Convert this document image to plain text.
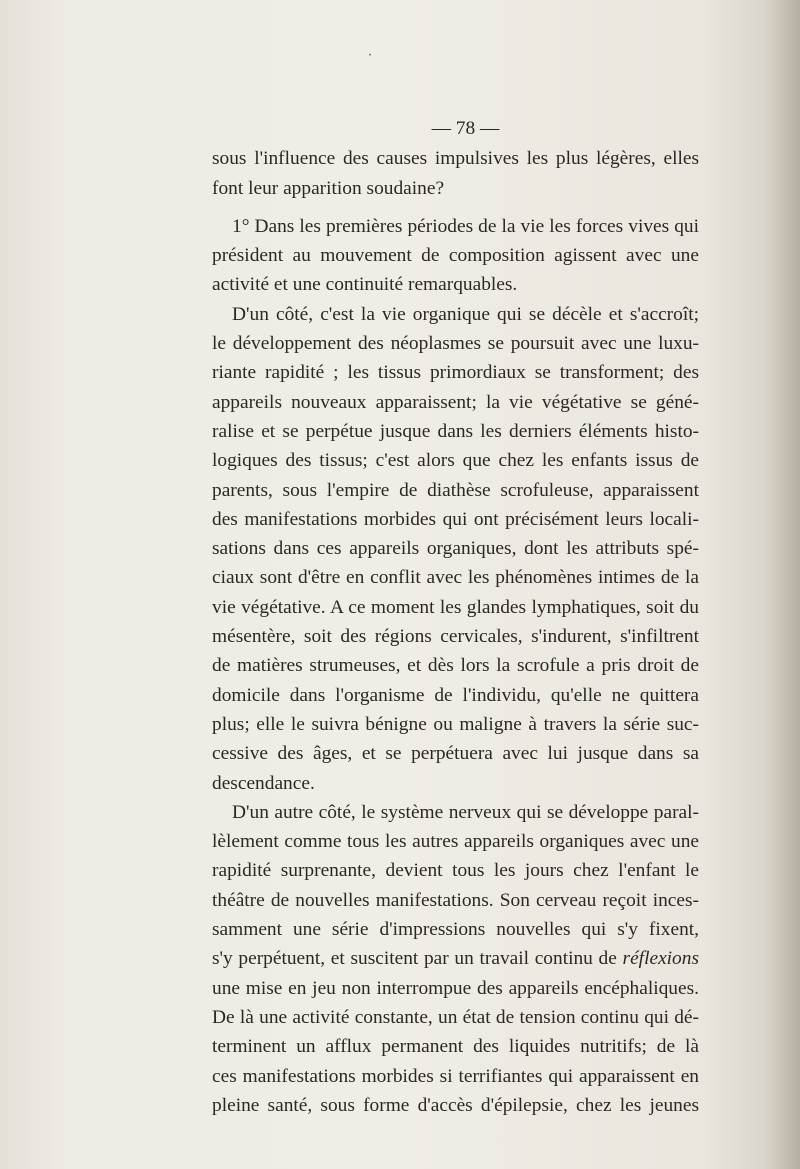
·
— 78 —
sous l'influence des causes impulsives les plus légères, elles
font leur apparition soudaine?
1° Dans les premières périodes de la vie les forces vives qui
président au mouvement de composition agissent avec une
activité et une continuité remarquables.
D'un côté, c'est la vie organique qui se décèle et s'accroît;
le développement des néoplasmes se poursuit avec une luxu-
riante rapidité ; les tissus primordiaux se transforment; des
appareils nouveaux apparaissent; la vie végétative se géné-
ralise et se perpétue jusque dans les derniers éléments histo-
logiques des tissus; c'est alors que chez les enfants issus de
parents, sous l'empire de diathèse scrofuleuse, apparaissent
des manifestations morbides qui ont précisément leurs locali-
sations dans ces appareils organiques, dont les attributs spé-
ciaux sont d'être en conflit avec les phénomènes intimes de la
vie végétative. A ce moment les glandes lymphatiques, soit du
mésentère, soit des régions cervicales, s'indurent, s'infiltrent
de matières strumeuses, et dès lors la scrofule a pris droit de
domicile dans l'organisme de l'individu, qu'elle ne quittera
plus; elle le suivra bénigne ou maligne à travers la série suc-
cessive des âges, et se perpétuera avec lui jusque dans sa
descendance.
D'un autre côté, le système nerveux qui se développe paral-
lèlement comme tous les autres appareils organiques avec une
rapidité surprenante, devient tous les jours chez l'enfant le
théâtre de nouvelles manifestations. Son cerveau reçoit inces-
samment une série d'impressions nouvelles qui s'y fixent,
s'y perpétuent, et suscitent par un travail continu de réflexions
une mise en jeu non interrompue des appareils encéphaliques.
De là une activité constante, un état de tension continu qui dé-
terminent un afflux permanent des liquides nutritifs; de là
ces manifestations morbides si terrifiantes qui apparaissent en
pleine santé, sous forme d'accès d'épilepsie, chez les jeunes
